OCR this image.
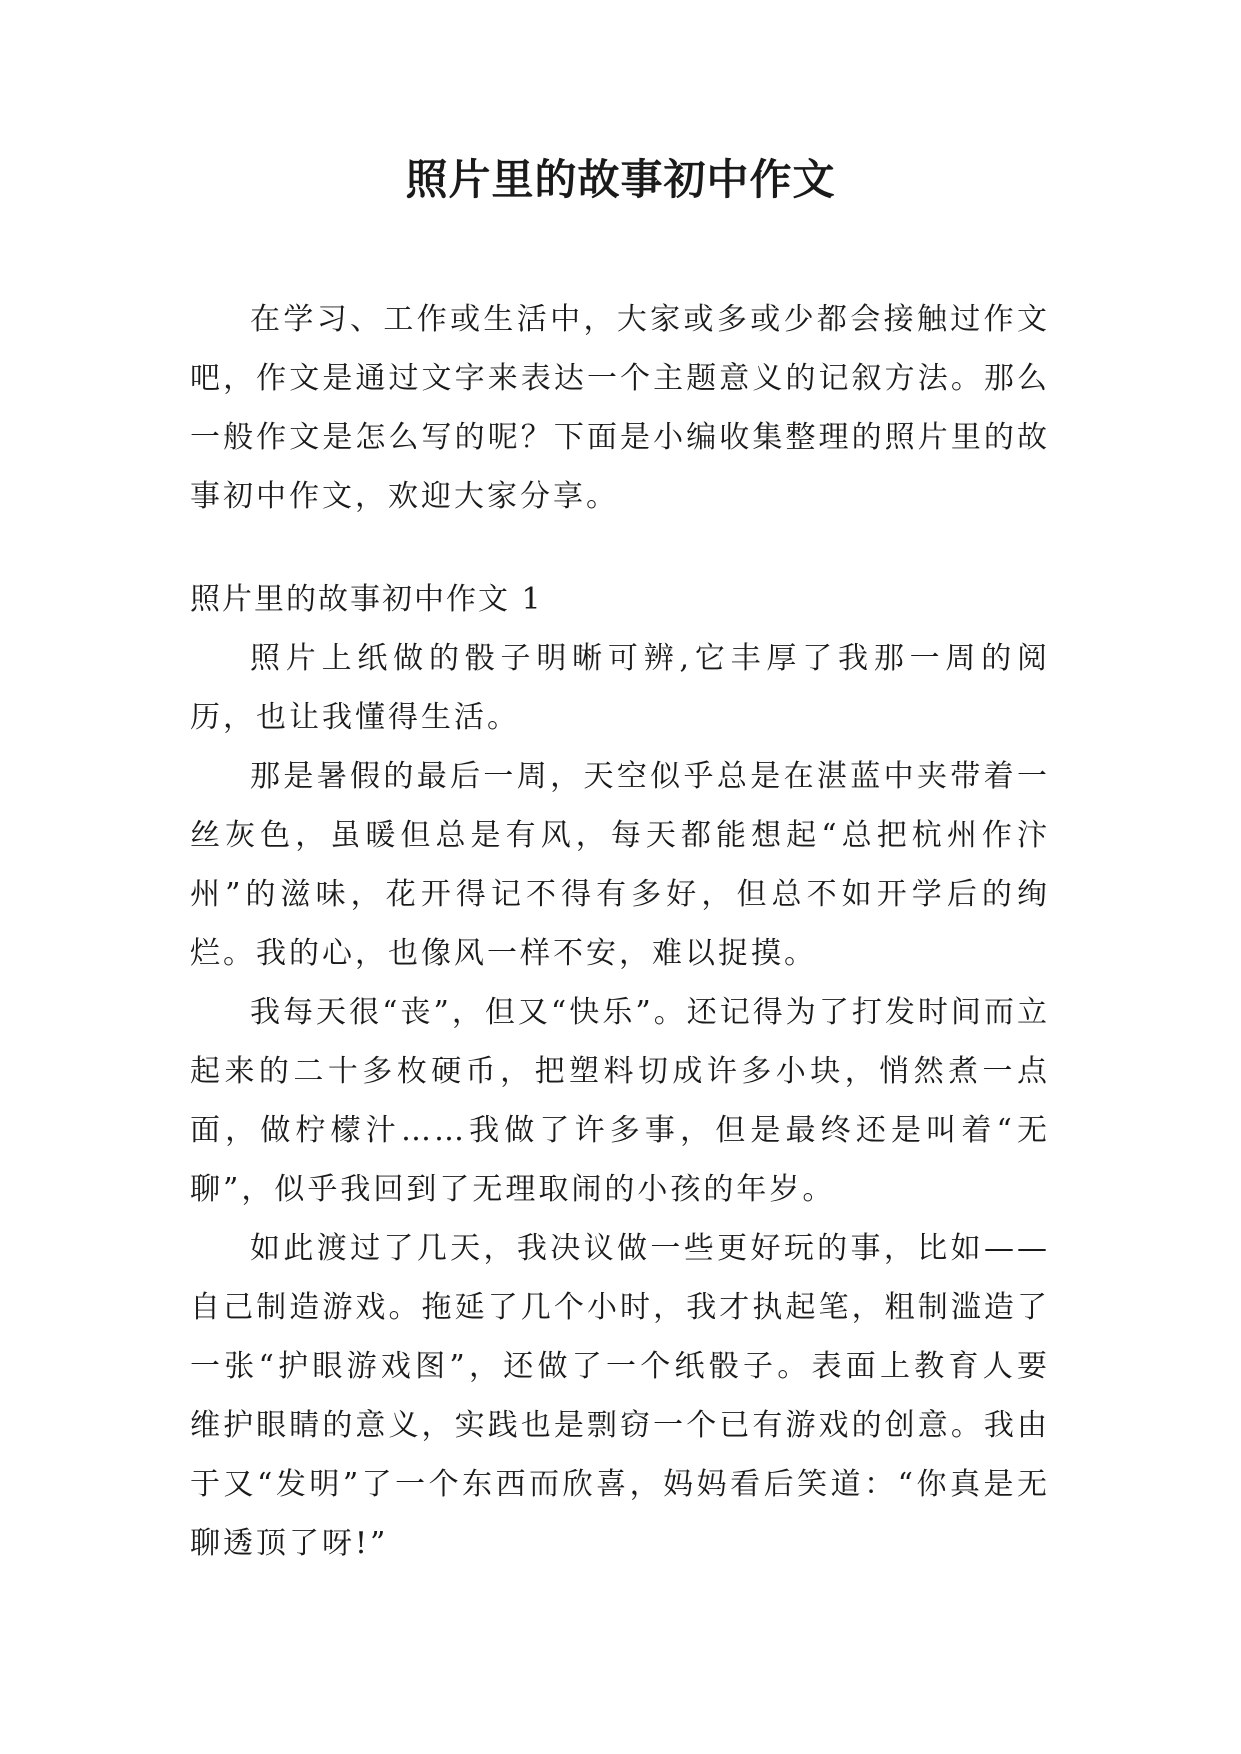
照片里的故事初中作文

在学习、工作或生活中，大家或多或少都会接触过作文吧，作文是通过文字来表达一个主题意义的记叙方法。那么一般作文是怎么写的呢？下面是小编收集整理的照片里的故事初中作文，欢迎大家分享。

照片里的故事初中作文 1

照片上纸做的骰子明晰可辨,它丰厚了我那一周的阅历，也让我懂得生活。

那是暑假的最后一周，天空似乎总是在湛蓝中夹带着一丝灰色，虽暖但总是有风，每天都能想起“总把杭州作汴州”的滋味，花开得记不得有多好，但总不如开学后的绚烂。我的心，也像风一样不安，难以捉摸。

我每天很“丧”，但又“快乐”。还记得为了打发时间而立起来的二十多枚硬币，把塑料切成许多小块，悄然煮一点面，做柠檬汁……我做了许多事，但是最终还是叫着“无聊”，似乎我回到了无理取闹的小孩的年岁。

如此渡过了几天，我决议做一些更好玩的事，比如——自己制造游戏。拖延了几个小时，我才执起笔，粗制滥造了一张“护眼游戏图”，还做了一个纸骰子。表面上教育人要维护眼睛的意义，实践也是剽窃一个已有游戏的创意。我由于又“发明”了一个东西而欣喜，妈妈看后笑道：“你真是无聊透顶了呀!”
